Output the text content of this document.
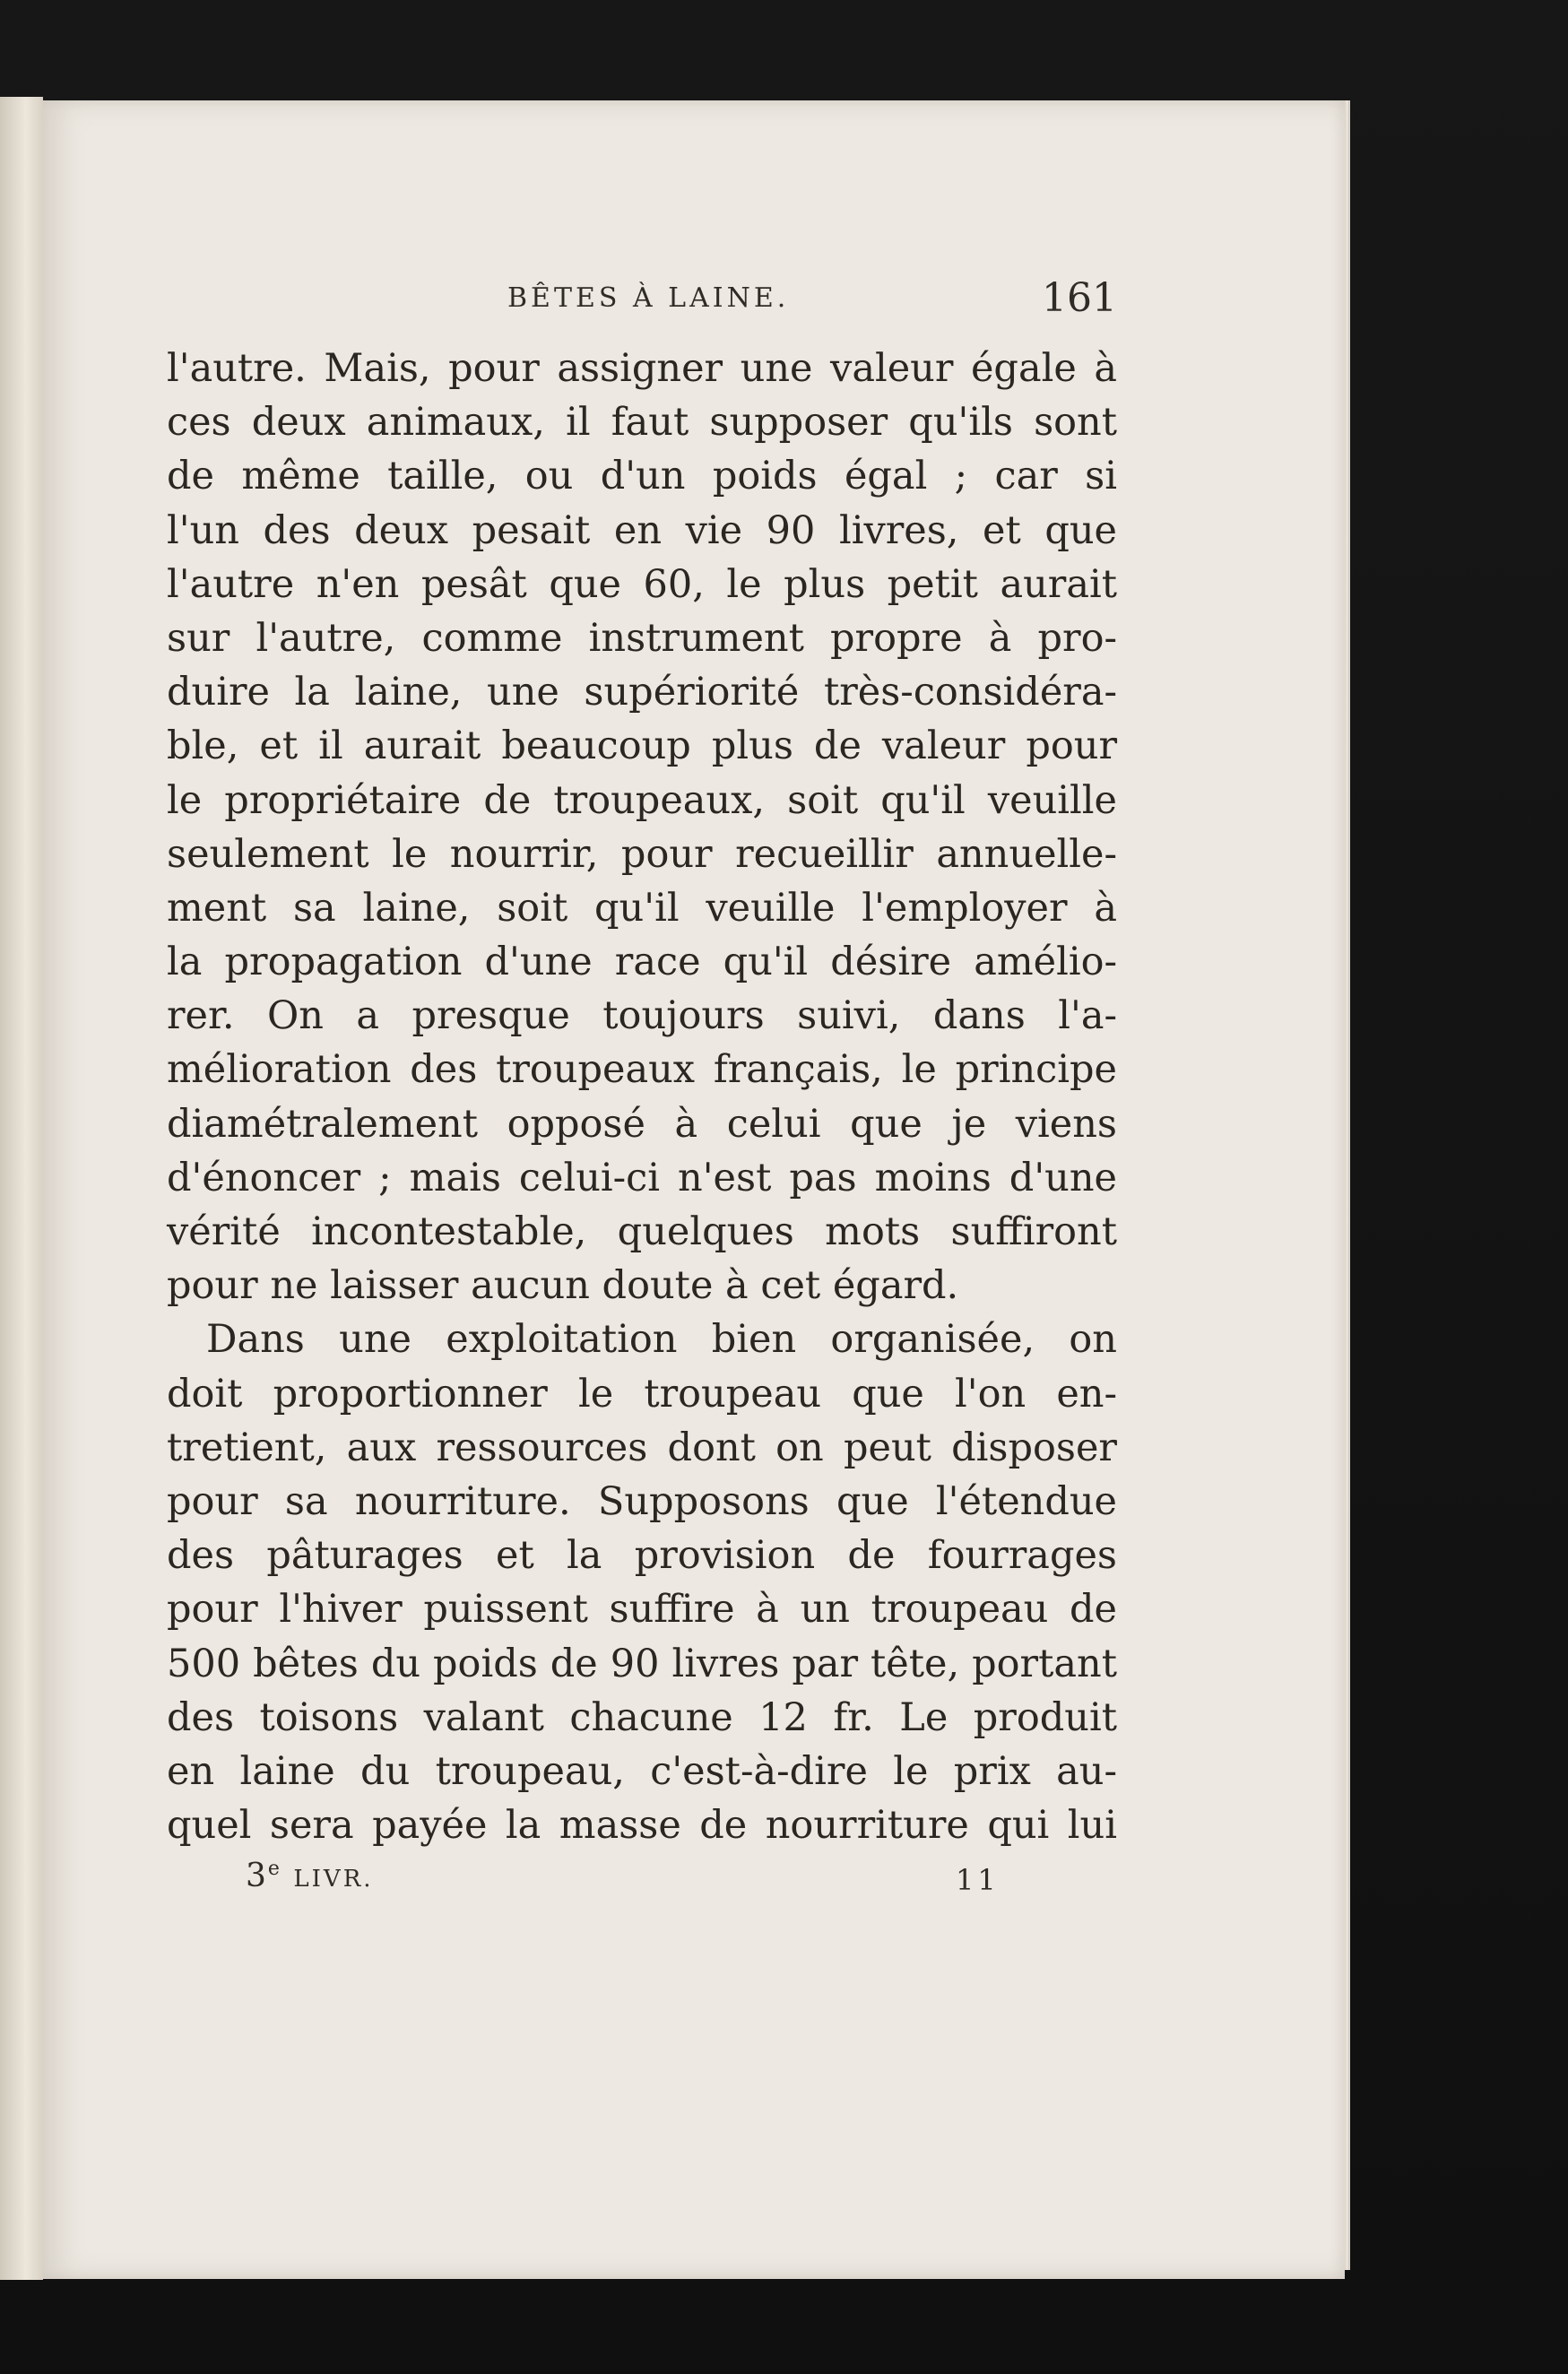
BÊTES À LAINE.	161
l'autre. Mais, pour assigner une valeur égale à
ces deux animaux, il faut supposer qu'ils sont
de même taille, ou d'un poids égal ; car si
l'un des deux pesait en vie 90 livres, et que
l'autre n'en pesât que 60, le plus petit aurait
sur l'autre, comme instrument propre à pro-
duire la laine, une supériorité très-considéra-
ble, et il aurait beaucoup plus de valeur pour
le propriétaire de troupeaux, soit qu'il veuille
seulement le nourrir, pour recueillir annuelle-
ment sa laine, soit qu'il veuille l'employer à
la propagation d'une race qu'il désire amélio-
rer. On a presque toujours suivi, dans l'a-
mélioration des troupeaux français, le principe
diamétralement opposé à celui que je viens
d'énoncer ; mais celui-ci n'est pas moins d'une
vérité incontestable, quelques mots suffiront
pour ne laisser aucun doute à cet égard.
Dans une exploitation bien organisée, on
doit proportionner le troupeau que l'on en-
tretient, aux ressources dont on peut disposer
pour sa nourriture. Supposons que l'étendue
des pâturages et la provision de fourrages
pour l'hiver puissent suffire à un troupeau de
500 bêtes du poids de 90 livres par tête, portant
des toisons valant chacune 12 fr. Le produit
en laine du troupeau, c'est-à-dire le prix au-
quel sera payée la masse de nourriture qui lui
3e LIVR.	11
